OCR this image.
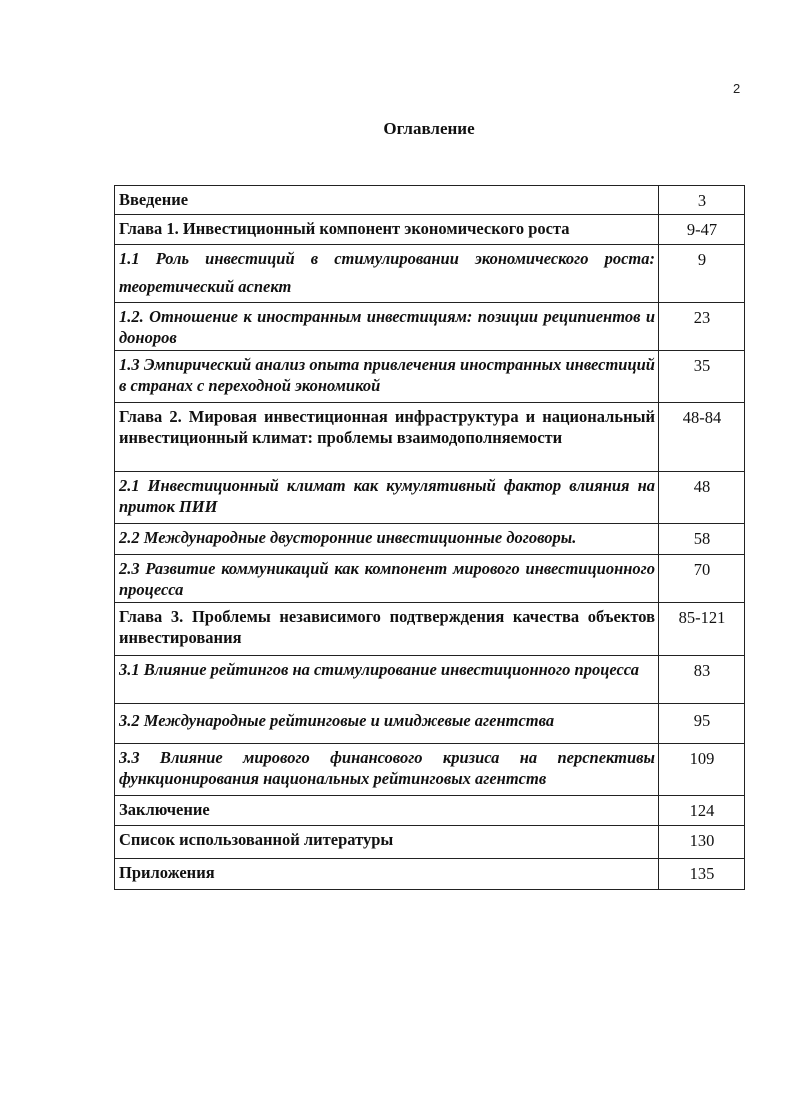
2
Оглавление
Введение	3
Глава 1. Инвестиционный компонент экономического роста	9-47
1.1 Роль инвестиций в стимулировании экономического роста: теоретический аспект	9
1.2. Отношение к иностранным инвестициям: позиции реципиентов и доноров	23
1.3 Эмпирический анализ опыта привлечения иностранных инвестиций в странах с переходной экономикой	35
Глава 2. Мировая инвестиционная инфраструктура и национальный инвестиционный климат: проблемы взаимодополняемости	48-84
2.1 Инвестиционный климат как кумулятивный фактор влияния на приток ПИИ	48
2.2 Международные двусторонние инвестиционные договоры.	58
2.3 Развитие коммуникаций как компонент мирового инвестиционного процесса	70
Глава 3. Проблемы независимого подтверждения качества объектов инвестирования	85-121
3.1 Влияние рейтингов на стимулирование инвестиционного процесса	83
3.2 Международные рейтинговые и имиджевые агентства	95
3.3 Влияние мирового финансового кризиса на перспективы функционирования национальных рейтинговых агентств	109
Заключение	124
Список использованной литературы	130
Приложения	135
